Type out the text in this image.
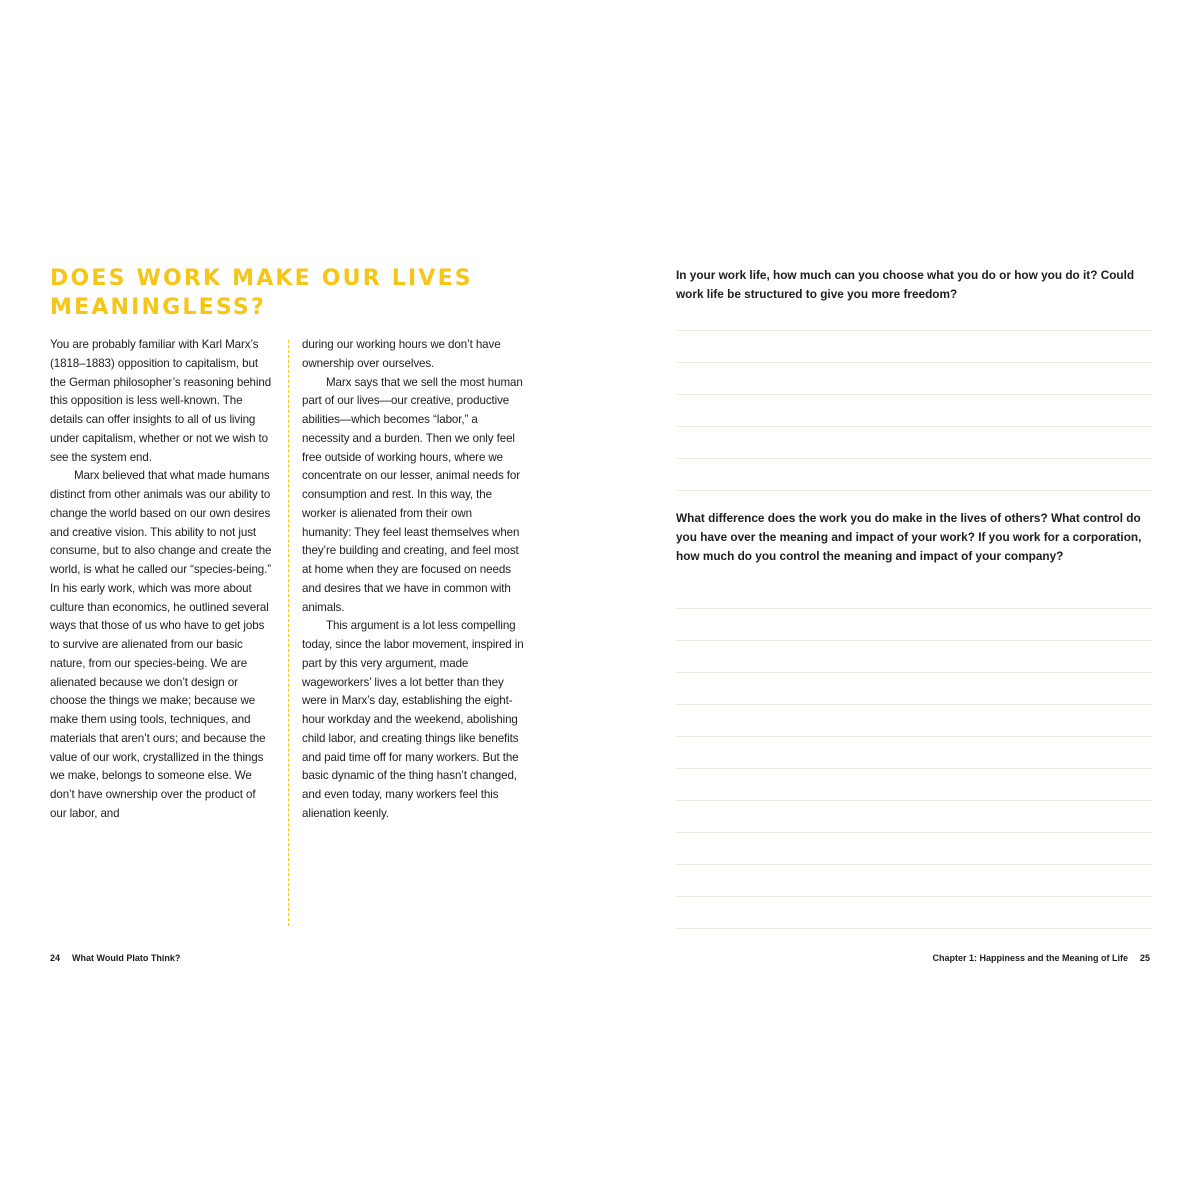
DOES WORK MAKE OUR LIVES MEANINGLESS?

You are probably familiar with Karl Marx’s (1818–1883) opposition to capitalism, but the German philosopher’s reasoning behind this opposition is less well-known. The details can offer insights to all of us living under capitalism, whether or not we wish to see the system end.

Marx believed that what made humans distinct from other animals was our ability to change the world based on our own desires and creative vision. This ability to not just consume, but to also change and create the world, is what he called our “species-being.” In his early work, which was more about culture than economics, he outlined several ways that those of us who have to get jobs to survive are alienated from our basic nature, from our species-being. We are alienated because we don’t design or choose the things we make; because we make them using tools, techniques, and materials that aren’t ours; and because the value of our work, crystallized in the things we make, belongs to someone else. We don’t have ownership over the product of our labor, and

during our working hours we don’t have ownership over ourselves.

Marx says that we sell the most human part of our lives—our creative, productive abilities—which becomes “labor,” a necessity and a burden. Then we only feel free outside of working hours, where we concentrate on our lesser, animal needs for consumption and rest. In this way, the worker is alienated from their own humanity: They feel least themselves when they’re building and creating, and feel most at home when they are focused on needs and desires that we have in common with animals.

This argument is a lot less compelling today, since the labor movement, inspired in part by this very argument, made wageworkers’ lives a lot better than they were in Marx’s day, establishing the eight-hour workday and the weekend, abolishing child labor, and creating things like benefits and paid time off for many workers. But the basic dynamic of the thing hasn’t changed, and even today, many workers feel this alienation keenly.

24 What Would Plato Think?

In your work life, how much can you choose what you do or how you do it? Could work life be structured to give you more freedom?

What difference does the work you do make in the lives of others? What control do you have over the meaning and impact of your work? If you work for a corporation, how much do you control the meaning and impact of your company?

Chapter 1: Happiness and the Meaning of Life 25
